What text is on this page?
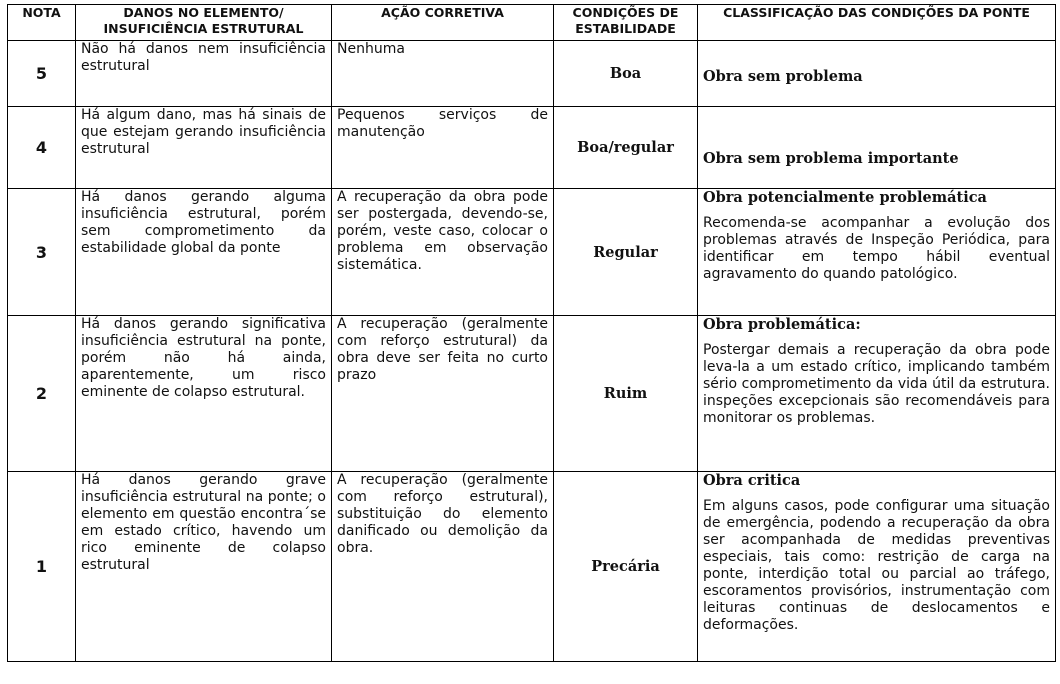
NOTA	DANOS NO ELEMENTO/ INSUFICIÊNCIA ESTRUTURAL	AÇÃO CORRETIVA	CONDIÇÕES DE ESTABILIDADE	CLASSIFICAÇÃO DAS CONDIÇÕES DA PONTE
5	Não há danos nem insuficiência estrutural	Nenhuma	Boa	Obra sem problema

4	Há algum dano, mas há sinais de que estejam gerando insuficiência estrutural	Pequenos serviços de manutenção	Boa/regular	Obra sem problema importante

3	Há danos gerando alguma insuficiência estrutural, porém sem comprometimento da estabilidade global da ponte	A recuperação da obra pode ser postergada, devendo-se, porém, veste caso, colocar o problema em observação sistemática.	Regular	Obra potencialmente problemática
Recomenda-se acompanhar a evolução dos problemas através de Inspeção Periódica, para identificar em tempo hábil eventual agravamento do quando patológico.

2	Há danos gerando significativa insuficiência estrutural na ponte, porém não há ainda, aparentemente, um risco eminente de colapso estrutural.	A recuperação (geralmente com reforço estrutural) da obra deve ser feita no curto prazo	Ruim	Obra problemática:
Postergar demais a recuperação da obra pode leva-la a um estado crítico, implicando também sério comprometimento da vida útil da estrutura. inspeções excepcionais são recomendáveis para monitorar os problemas.

1	Há danos gerando grave insuficiência estrutural na ponte; o elemento em questão encontra´se em estado crítico, havendo um rico eminente de colapso estrutural	A recuperação (geralmente com reforço estrutural), substituição do elemento danificado ou demolição da obra.	Precária	Obra critica
Em alguns casos, pode configurar uma situação de emergência, podendo a recuperação da obra ser acompanhada de medidas preventivas especiais, tais como: restrição de carga na ponte, interdição total ou parcial ao tráfego, escoramentos provisórios, instrumentação com leituras continuas de deslocamentos e deformações.
